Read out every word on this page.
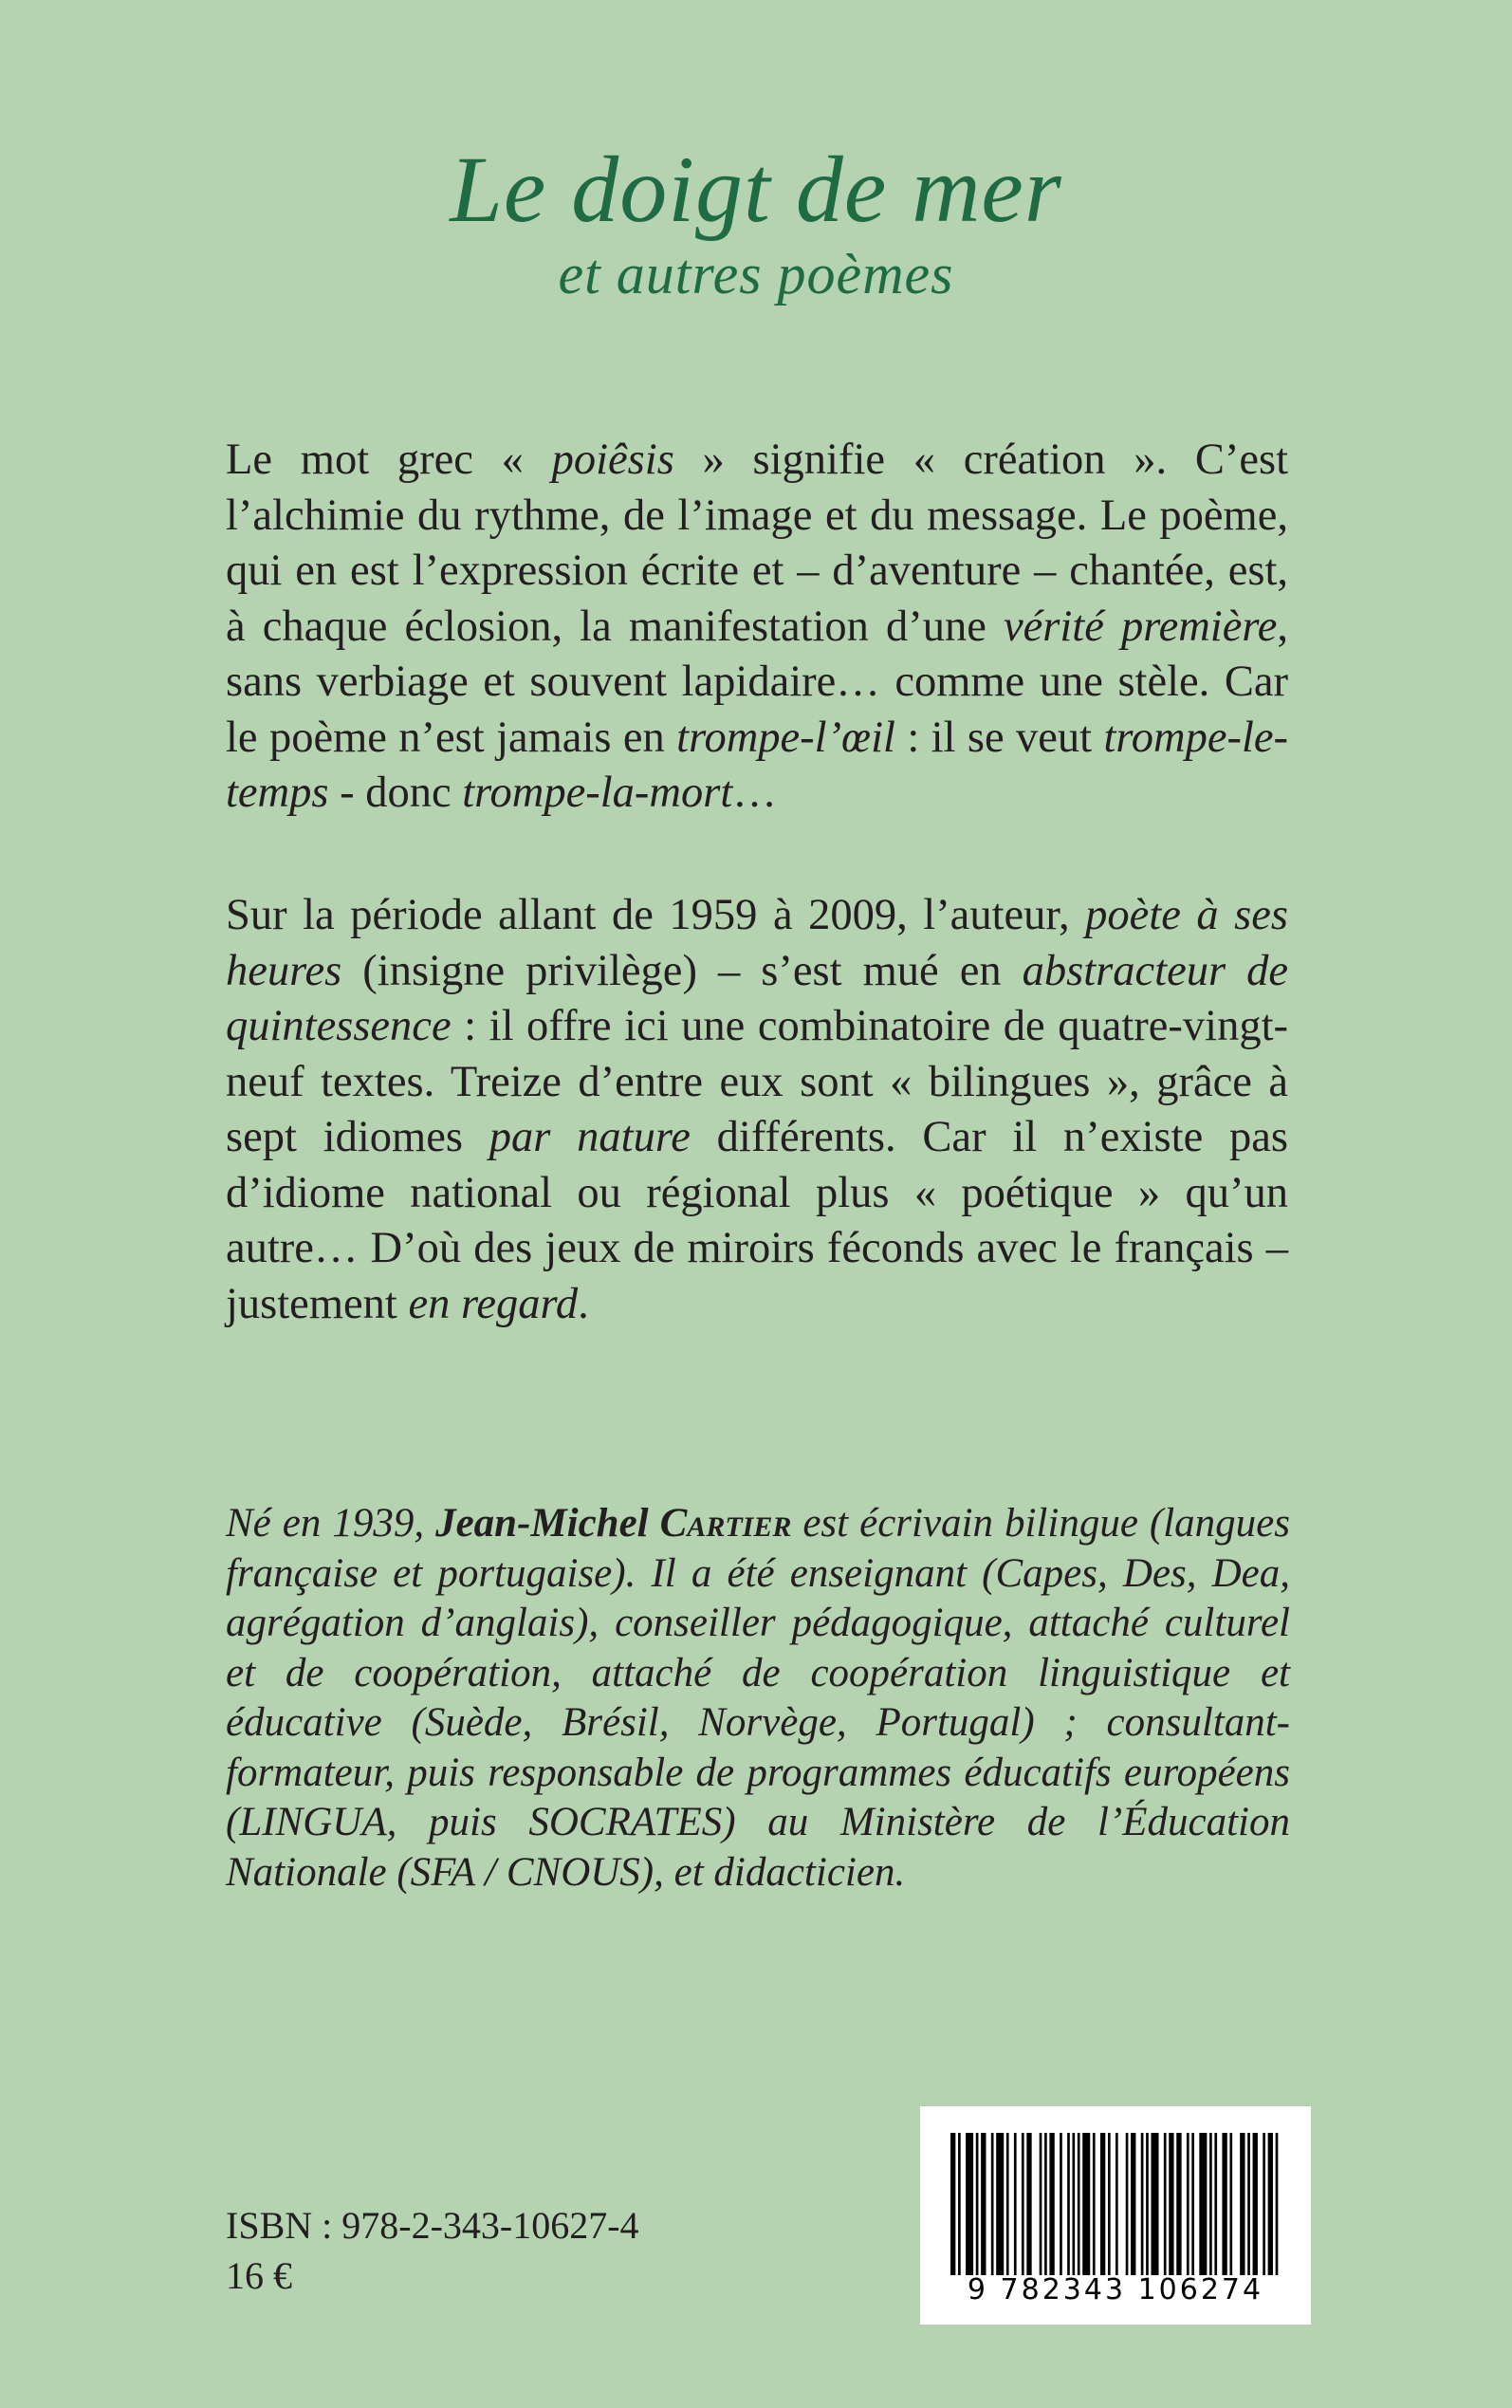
Le doigt de mer
et autres poèmes
Le mot grec « poiêsis » signifie « création ». C’est l’alchimie du rythme, de l’image et du message. Le poème, qui en est l’expression écrite et – d’aventure – chantée, est, à chaque éclosion, la manifestation d’une vérité première, sans verbiage et souvent lapidaire… comme une stèle. Car le poème n’est jamais en trompe-l’œil : il se veut trompe-le-temps - donc trompe-la-mort…
Sur la période allant de 1959 à 2009, l’auteur, poète à ses heures (insigne privilège) – s’est mué en abstracteur de quintessence : il offre ici une combinatoire de quatre-vingt-neuf textes. Treize d’entre eux sont « bilingues », grâce à sept idiomes par nature différents. Car il n’existe pas d’idiome national ou régional plus « poétique » qu’un autre… D’où des jeux de miroirs féconds avec le français – justement en regard.
Né en 1939, Jean-Michel Cartier est écrivain bilingue (langues française et portugaise). Il a été enseignant (Capes, Des, Dea, agrégation d’anglais), conseiller pédagogique, attaché culturel et de coopération, attaché de coopération linguistique et éducative (Suède, Brésil, Norvège, Portugal) ; consultant-formateur, puis responsable de programmes éducatifs européens (LINGUA, puis SOCRATES) au Ministère de l’Éducation Nationale (SFA / CNOUS), et didacticien.
ISBN : 978-2-343-10627-4
16 €	9 782343 106274
